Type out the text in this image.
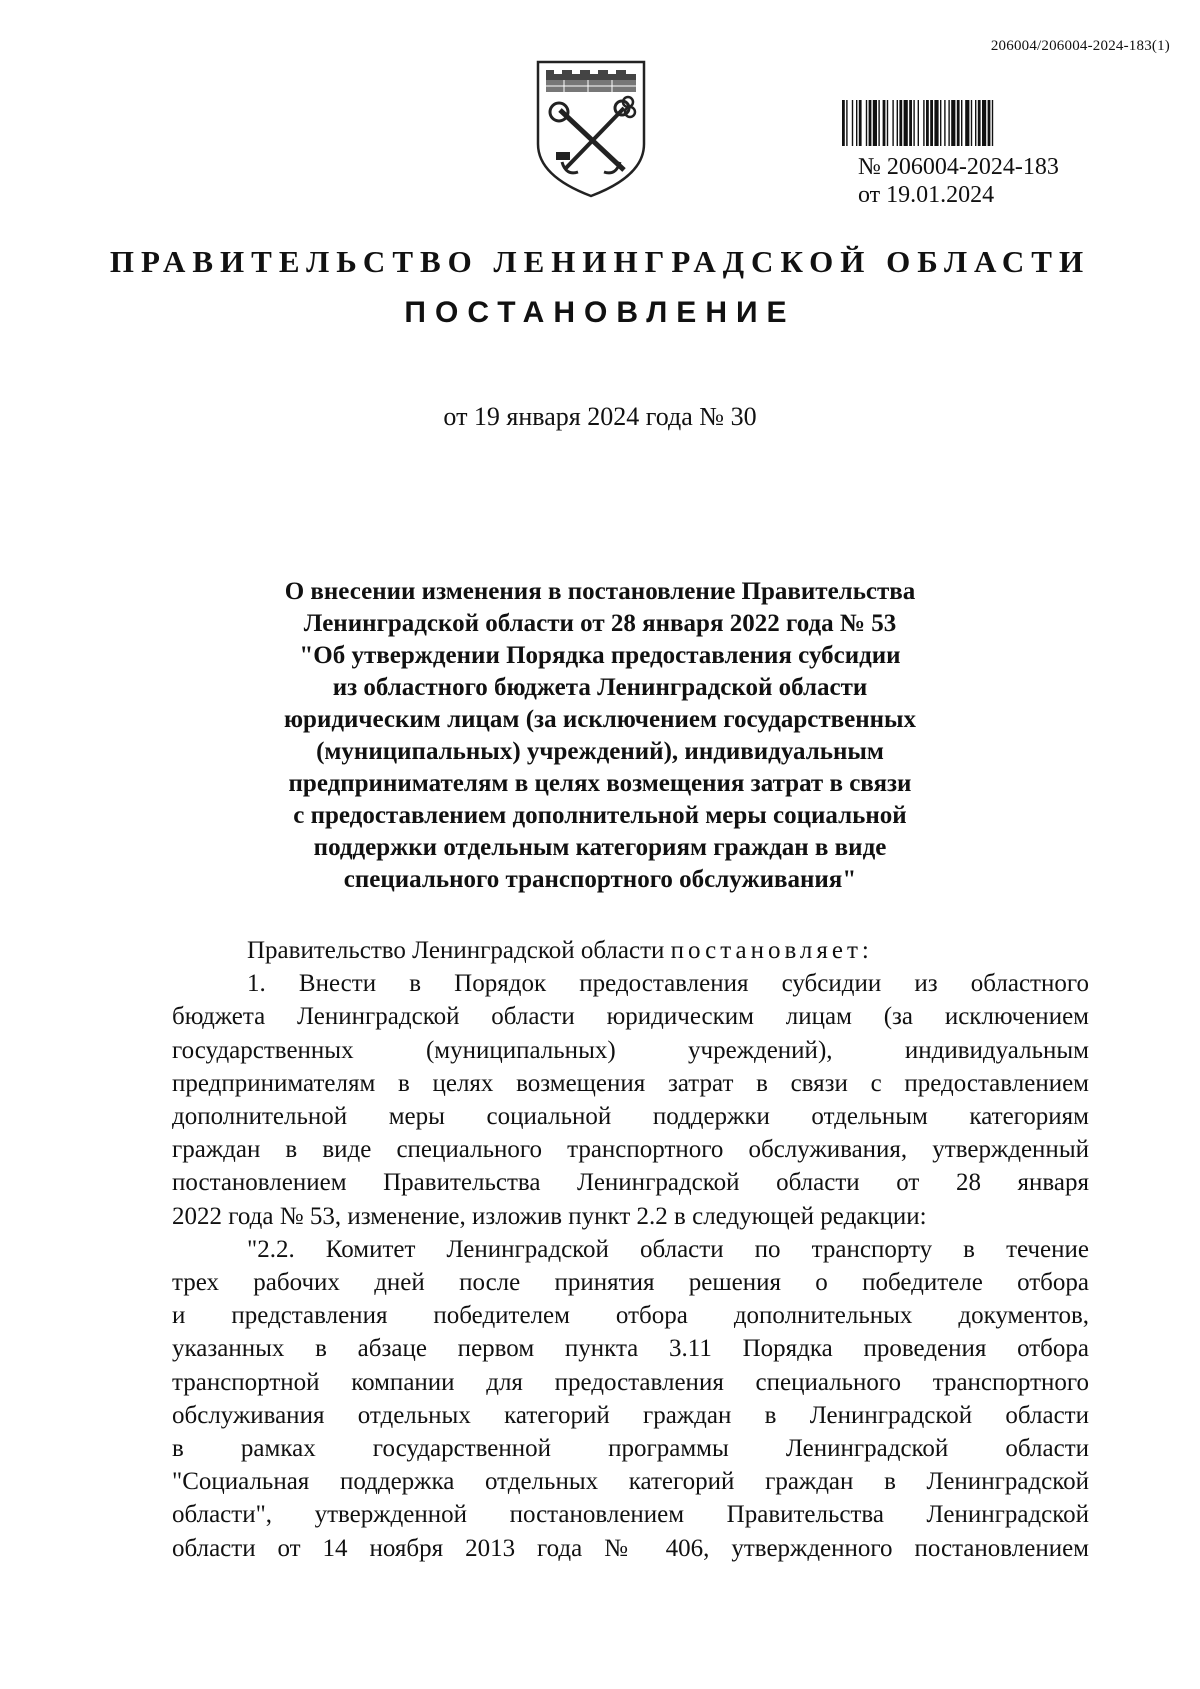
206004/206004-2024-183(1)
№ 206004-2024-183
от 19.01.2024
ПРАВИТЕЛЬСТВО ЛЕНИНГРАДСКОЙ ОБЛАСТИ
ПОСТАНОВЛЕНИЕ
от 19 января 2024 года № 30
О внесении изменения в постановление Правительства
Ленинградской области от 28 января 2022 года № 53
"Об утверждении Порядка предоставления субсидии
из областного бюджета Ленинградской области
юридическим лицам (за исключением государственных
(муниципальных) учреждений), индивидуальным
предпринимателям в целях возмещения затрат в связи
с предоставлением дополнительной меры социальной
поддержки отдельным категориям граждан в виде
специального транспортного обслуживания"
Правительство Ленинградской области постановляет:
1. Внести в Порядок предоставления субсидии из областного
бюджета Ленинградской области юридическим лицам (за исключением
государственных (муниципальных) учреждений), индивидуальным
предпринимателям в целях возмещения затрат в связи с предоставлением
дополнительной меры социальной поддержки отдельным категориям
граждан в виде специального транспортного обслуживания, утвержденный
постановлением Правительства Ленинградской области от 28 января
2022 года № 53, изменение, изложив пункт 2.2 в следующей редакции:
"2.2. Комитет Ленинградской области по транспорту в течение
трех рабочих дней после принятия решения о победителе отбора
и представления победителем отбора дополнительных документов,
указанных в абзаце первом пункта 3.11 Порядка проведения отбора
транспортной компании для предоставления специального транспортного
обслуживания отдельных категорий граждан в Ленинградской области
в рамках государственной программы Ленинградской области
"Социальная поддержка отдельных категорий граждан в Ленинградской
области", утвержденной постановлением Правительства Ленинградской
области от 14 ноября 2013 года № 406, утвержденного постановлением
